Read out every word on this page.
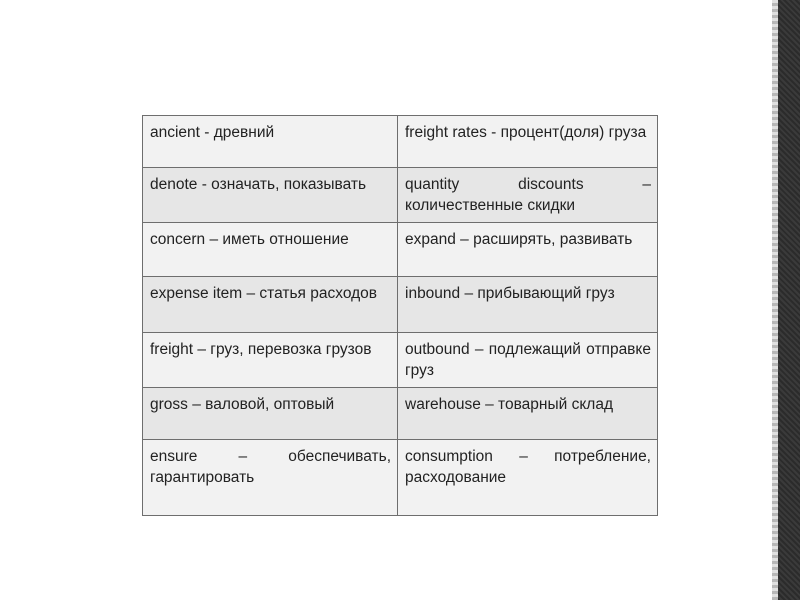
ancient - древний	freight rates - процент(доля) груза
denote - означать, показывать	quantity discounts – количественные скидки
concern – иметь отношение	expand – расширять, развивать
expense item – статья расходов	inbound – прибывающий груз
freight – груз, перевозка грузов	outbound – подлежащий отправке груз
gross – валовой, оптовый	warehouse – товарный склад
ensure – обеспечивать, гарантировать	consumption – потребление, расходование
